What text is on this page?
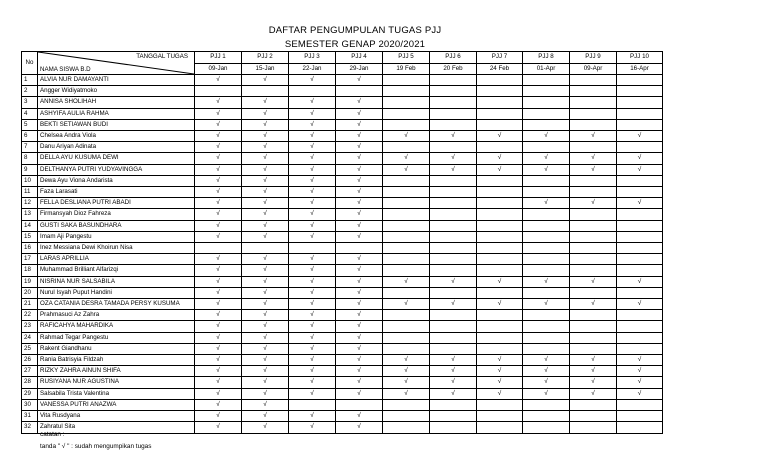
DAFTAR PENGUMPULAN TUGAS PJJ
SEMESTER GENAP 2020/2021
No	TANGGAL TUGAS
NAMA SISWA B.D	PJJ 1	PJJ 2	PJJ 3	PJJ 4	PJJ 5	PJJ 6	PJJ 7	PJJ 8	PJJ 9	PJJ 10
		09-Jan	15-Jan	22-Jan	29-Jan	19 Feb	20 Feb	24 Feb	01-Apr	09-Apr	16-Apr
1	ALVIA NUR DAMAYANTI	√	√	√	√						
2	Angger Widiyatmoko										
3	ANNISA SHOLIHAH	√	√	√	√						
4	ASHYIFA AULIA RAHMA	√	√	√	√						
5	BEKTI SETIAWAN BUDI	√	√	√	√						
6	Chelsea Andra Viola	√	√	√	√	√	√	√	√	√	√
7	Danu Ariyan Adinata	√	√	√	√						
8	DELLA AYU KUSUMA DEWI	√	√	√	√	√	√	√	√	√	√
9	DELTHANYA PUTRI YUDYAVINGGA	√	√	√	√	√	√	√	√	√	√
10	Dewa Ayu Viona Andarista	√	√	√	√						
11	Faza Larasati	√	√	√	√						
12	FELLA DESLIANA PUTRI ABADI	√	√	√	√				√	√	√
13	Firmansyah Dioz Fahreza	√	√	√	√						
14	GUSTI SAKA BASUNDHARA	√	√	√	√						
15	Imam Aji Pangestu	√	√	√	√						
16	Inez Messiana Dewi Khoirun Nisa										
17	LARAS APRILLIA	√	√	√	√						
18	Muhammad Brilliant Alfarizqi	√	√	√	√						
19	NISRINA NUR SALSABILA	√	√	√	√	√	√	√	√	√	√
20	Nurul Isyah Puput Handini	√	√	√	√						
21	OZA CATANIA DESRA TAMADA PERSY KUSUMA	√	√	√	√	√	√	√	√	√	√
22	Prahmasuci Az Zahra	√	√	√	√						
23	RAFICAHYA MAHARDIKA	√	√	√	√						
24	Rahmad Tegar Pangestu	√	√	√	√						
25	Rakent Giandhanu	√	√	√	√						
26	Rania Batrisyia Fildzah	√	√	√	√	√	√	√	√	√	√
27	RIZKY ZAHRA AINUN SHIFA	√	√	√	√	√	√	√	√	√	√
28	RUSIYANA NUR AGUSTINA	√	√	√	√	√	√	√	√	√	√
29	Salsabila Trista Valentina	√	√	√	√	√	√	√	√	√	√
30	VANESSA PUTRI ANAZWA	√	√								
31	Vita Rusdyana	√	√	√	√						
32	Zahratul Sita	√	√	√	√						
catatan :
tanda " √ " : sudah mengumpikan tugas
